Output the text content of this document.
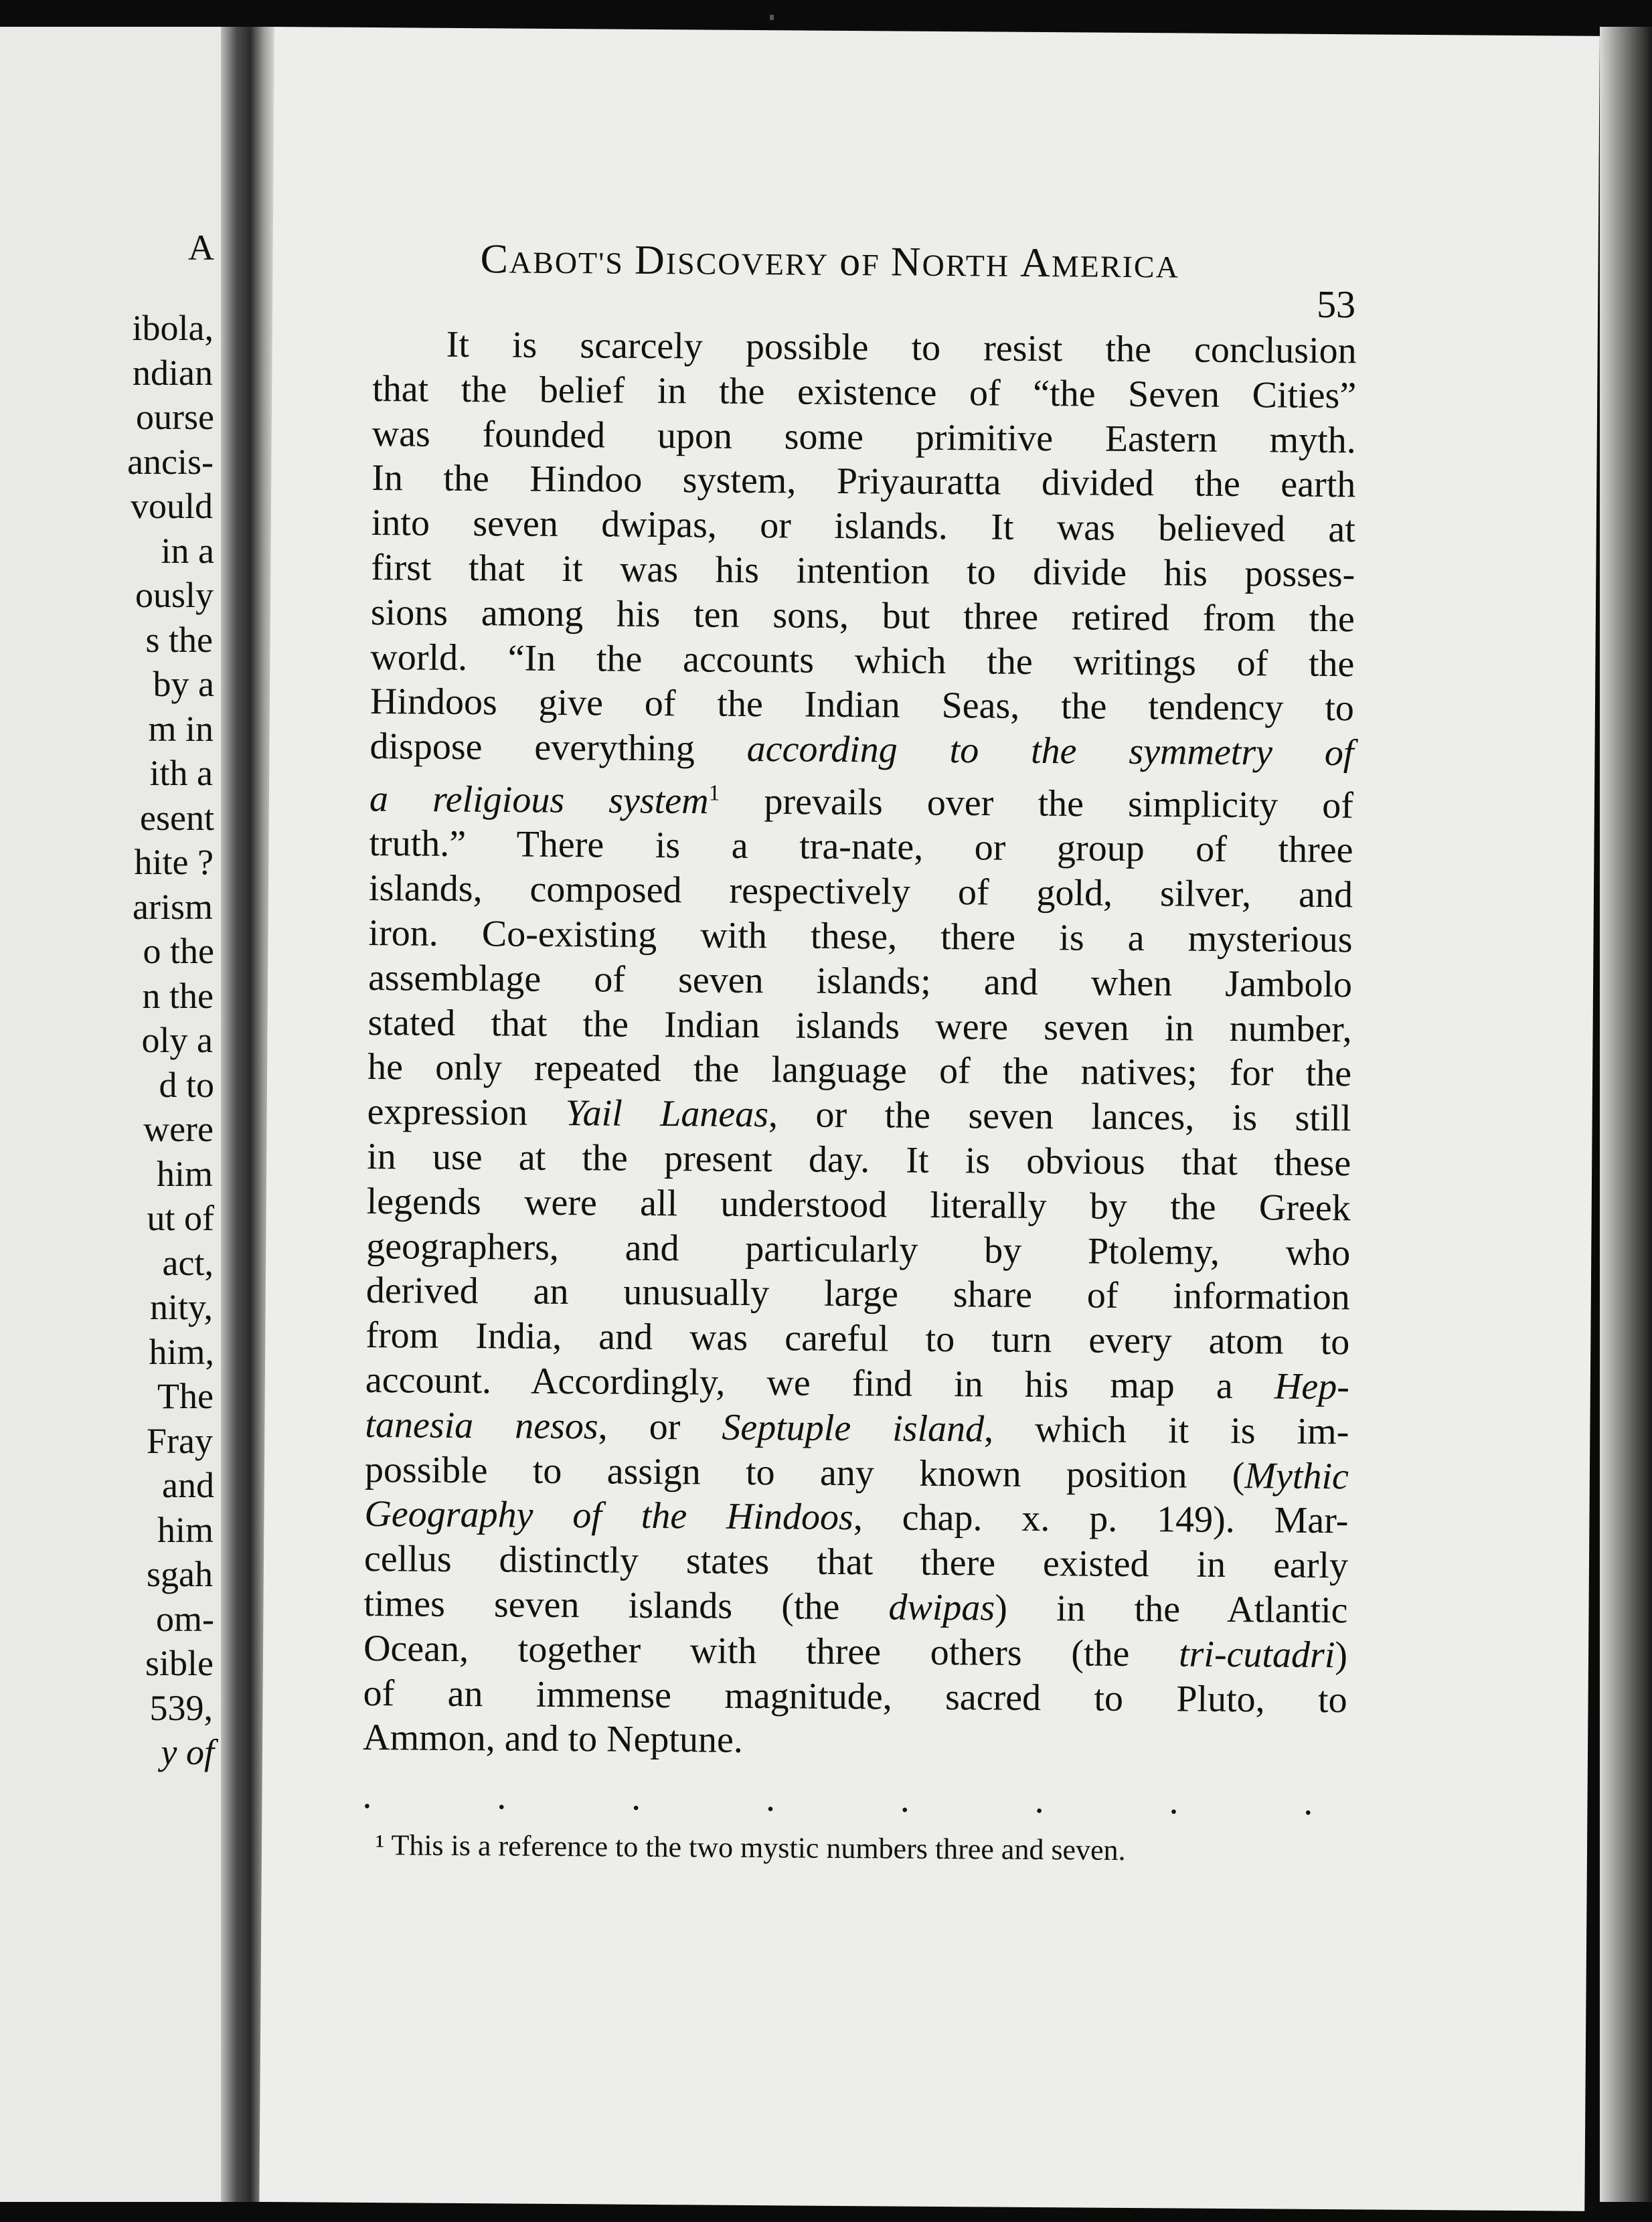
A
ibola,
ndian
ourse
ancis-
vould
in a
ously
s the
by a
m in
ith a
esent
hite ?
arism
o the
n the
oly a
d to
were
him
ut of
act,
nity,
him,
The
Fray
and
him
sgah
om-
sible
539,
y of
CABOT'S DISCOVERY oF NORTH AMERICA
53
It is scarcely possible to resist the conclusion
that the belief in the existence of “the Seven Cities”
was founded upon some primitive Eastern myth.
In the Hindoo system, Priyauratta divided the earth
into seven dwipas, or islands. It was believed at
first that it was his intention to divide his posses-
sions among his ten sons, but three retired from the
world. “In the accounts which the writings of the
Hindoos give of the Indian Seas, the tendency to
dispose everything according to the symmetry of
a religious system$^1$ prevails over the simplicity of
truth.” There is a tra-nate, or group of three
islands, composed respectively of gold, silver, and
iron. Co-existing with these, there is a mysterious
assemblage of seven islands; and when Jambolo
stated that the Indian islands were seven in number,
he only repeated the language of the natives; for the
expression Yail Laneas, or the seven lances, is still
in use at the present day. It is obvious that these
legends were all understood literally by the Greek
geographers, and particularly by Ptolemy, who
derived an unusually large share of information
from India, and was careful to turn every atom to
account. Accordingly, we find in his map a Hep-
tanesia nesos, or Septuple island, which it is im-
possible to assign to any known position (Mythic
Geography of the Hindoos, chap. x. p. 149). Mar-
cellus distinctly states that there existed in early
times seven islands (the dwipas) in the Atlantic
Ocean, together with three others (the tri-cutadri)
of an immense magnitude, sacred to Pluto, to
Ammon, and to Neptune.
.	.	.	.	.	.	.	.
¹ This is a reference to the two mystic numbers three and seven.
